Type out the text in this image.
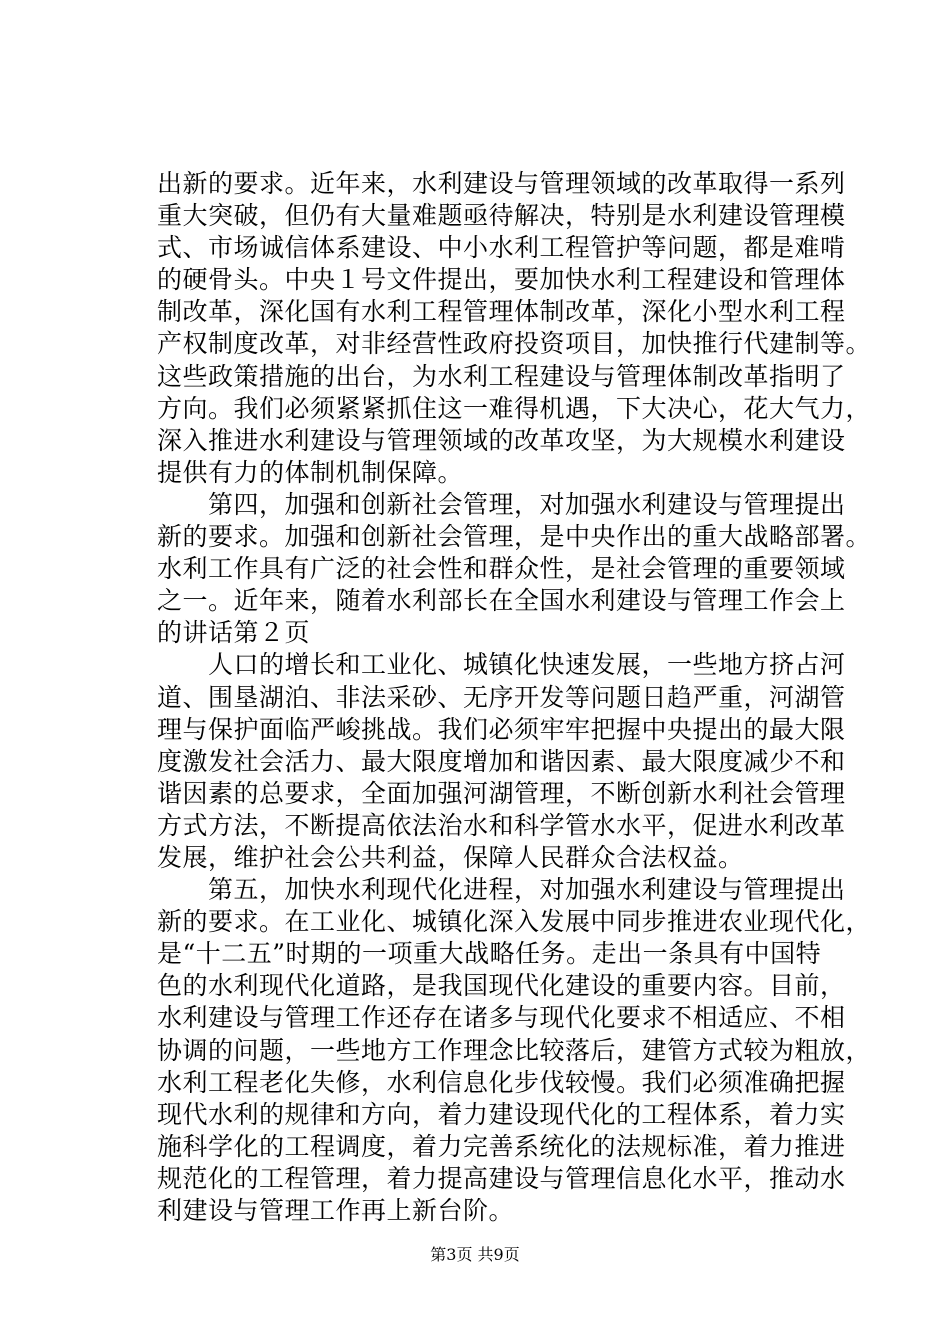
出新的要求。近年来，水利建设与管理领域的改革取得一系列
重大突破，但仍有大量难题亟待解决，特别是水利建设管理模
式、市场诚信体系建设、中小水利工程管护等问题，都是难啃
的硬骨头。中央１号文件提出，要加快水利工程建设和管理体
制改革，深化国有水利工程管理体制改革，深化小型水利工程
产权制度改革，对非经营性政府投资项目，加快推行代建制等。
这些政策措施的出台，为水利工程建设与管理体制改革指明了
方向。我们必须紧紧抓住这一难得机遇，下大决心，花大气力，
深入推进水利建设与管理领域的改革攻坚，为大规模水利建设
提供有力的体制机制保障。
　　第四，加强和创新社会管理，对加强水利建设与管理提出
新的要求。加强和创新社会管理，是中央作出的重大战略部署。
水利工作具有广泛的社会性和群众性，是社会管理的重要领域
之一。近年来，随着水利部长在全国水利建设与管理工作会上
的讲话第２页
　　人口的增长和工业化、城镇化快速发展，一些地方挤占河
道、围垦湖泊、非法采砂、无序开发等问题日趋严重，河湖管
理与保护面临严峻挑战。我们必须牢牢把握中央提出的最大限
度激发社会活力、最大限度增加和谐因素、最大限度减少不和
谐因素的总要求，全面加强河湖管理，不断创新水利社会管理
方式方法，不断提高依法治水和科学管水水平，促进水利改革
发展，维护社会公共利益，保障人民群众合法权益。
　　第五，加快水利现代化进程，对加强水利建设与管理提出
新的要求。在工业化、城镇化深入发展中同步推进农业现代化，
是“十二五”时期的一项重大战略任务。走出一条具有中国特
色的水利现代化道路，是我国现代化建设的重要内容。目前，
水利建设与管理工作还存在诸多与现代化要求不相适应、不相
协调的问题，一些地方工作理念比较落后，建管方式较为粗放，
水利工程老化失修，水利信息化步伐较慢。我们必须准确把握
现代水利的规律和方向，着力建设现代化的工程体系，着力实
施科学化的工程调度，着力完善系统化的法规标准，着力推进
规范化的工程管理，着力提高建设与管理信息化水平，推动水
利建设与管理工作再上新台阶。
第3页 共9页
